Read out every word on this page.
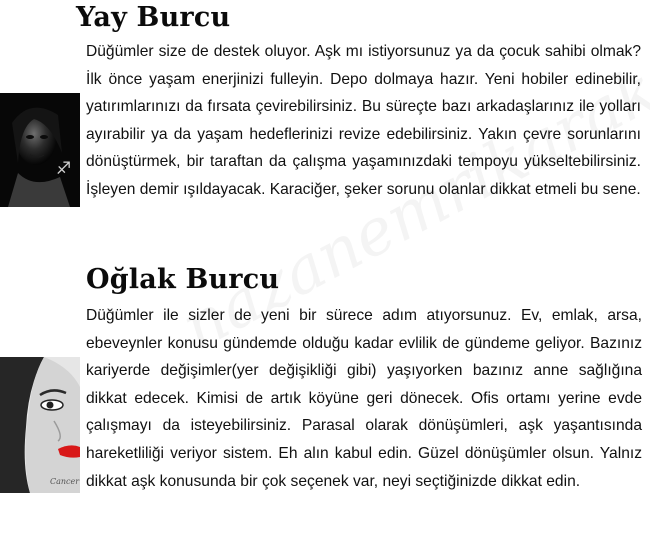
Yay Burcu
♐

Düğümler size de destek oluyor. Aşk mı istiyorsunuz ya da çocuk sahibi olmak? İlk önce yaşam enerjinizi fulleyin. Depo dolmaya hazır. Yeni hobiler edinebilir, yatırımlarınızı da fırsata çevirebilirsiniz. Bu süreçte bazı arkadaşlarınız ile yolları ayırabilir ya da yaşam hedeflerinizi revize edebilirsiniz. Yakın çevre sorunlarını dönüştürmek, bir taraftan da çalışma yaşamınızdaki tempoyu yükseltebilirsiniz. İşleyen demir ışıldayacak. Karaciğer, şeker sorunu olanlar dikkat etmeli bu sene.

Oğlak Burcu
Cancer

Düğümler ile sizler de yeni bir sürece adım atıyorsunuz. Ev, emlak, arsa, ebeveynler konusu gündemde olduğu kadar evlilik de gündeme geliyor. Bazınız kariyerde değişimler(yer değişikliği gibi) yaşıyorken bazınız anne sağlığına dikkat edecek. Kimisi de artık köyüne geri dönecek. Ofis ortamı yerine evde çalışmayı da isteyebilirsiniz. Parasal olarak dönüşümleri, aşk yaşantısında hareketliliği veriyor sistem. Eh alın kabul edin. Güzel dönüşümler olsun. Yalnız dikkat aşk konusunda bir çok seçenek var, neyi seçtiğinizde dikkat edin.
